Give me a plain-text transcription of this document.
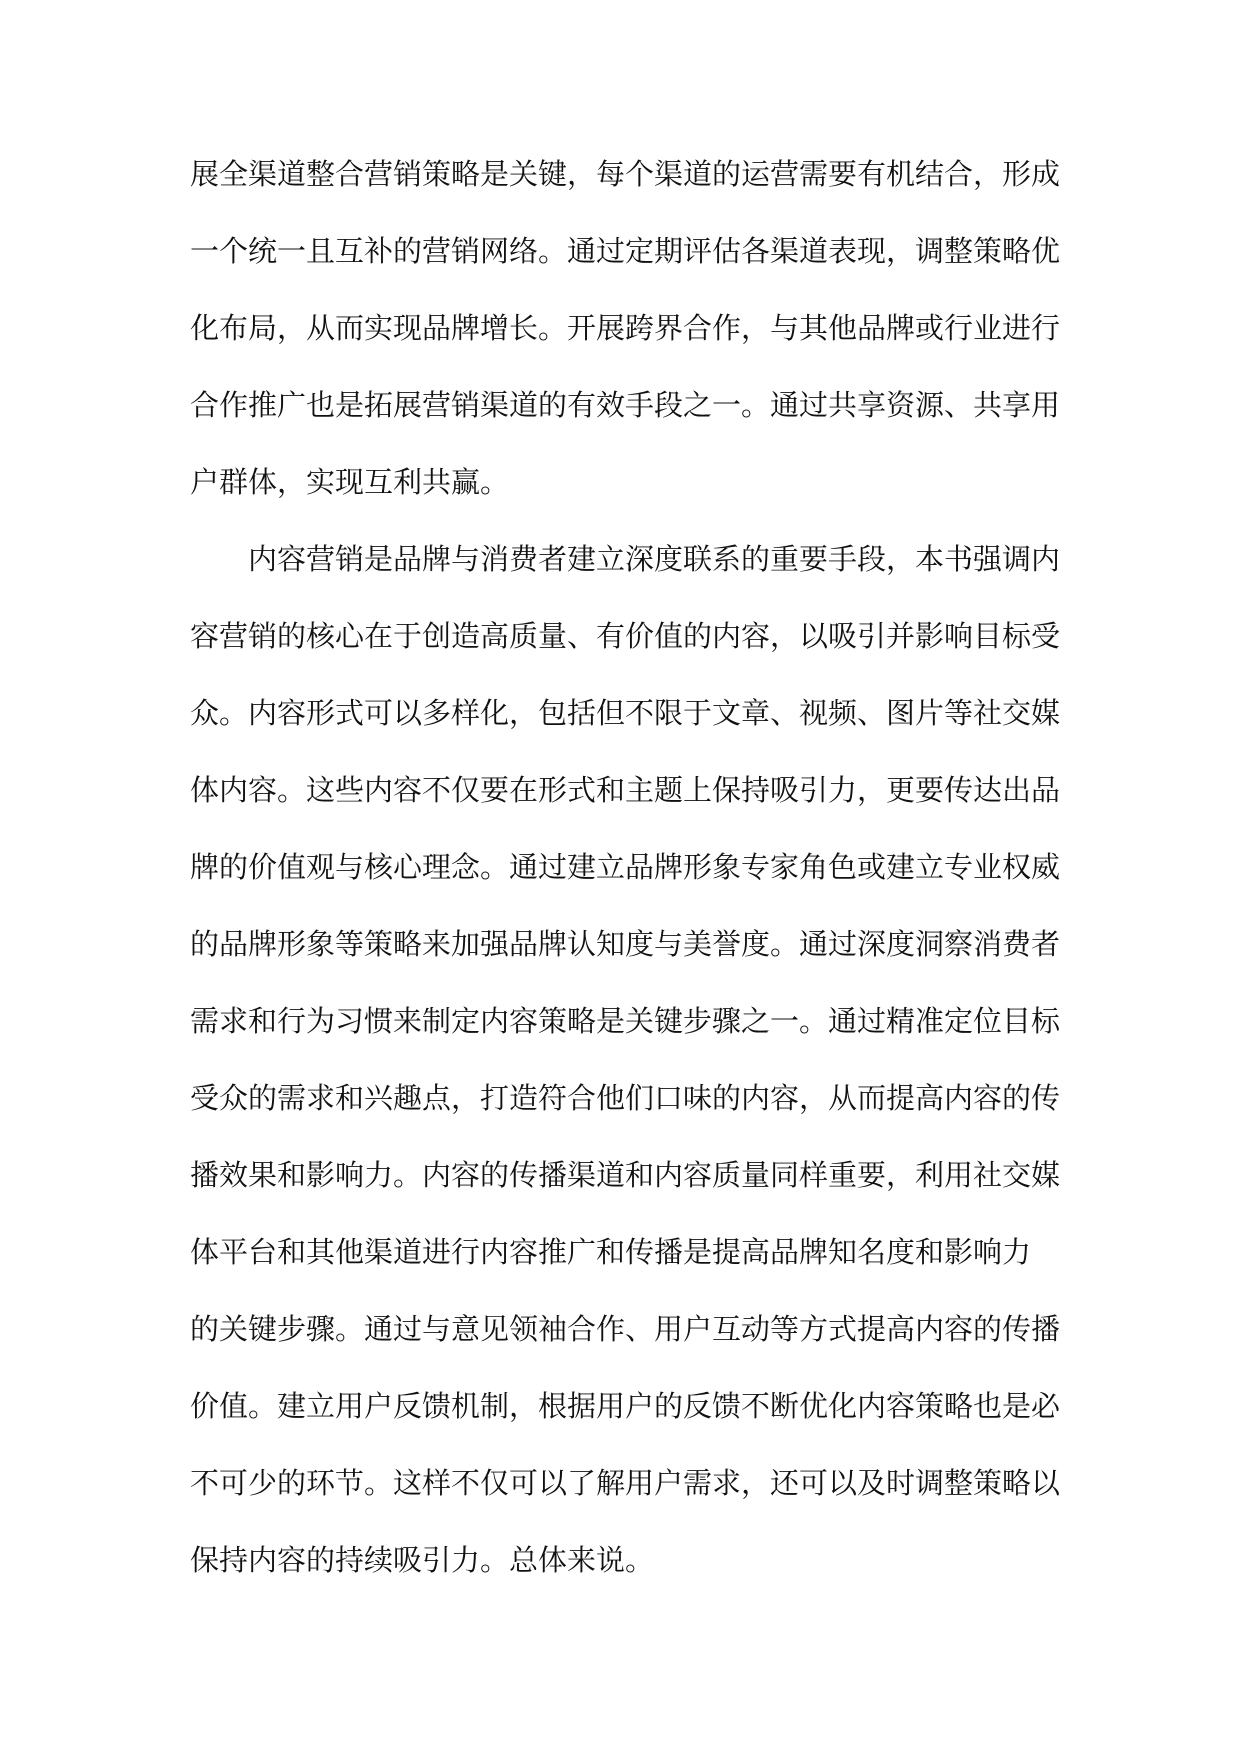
展全渠道整合营销策略是关键，每个渠道的运营需要有机结合，形成
一个统一且互补的营销网络。通过定期评估各渠道表现，调整策略优
化布局，从而实现品牌增长。开展跨界合作，与其他品牌或行业进行
合作推广也是拓展营销渠道的有效手段之一。通过共享资源、共享用
户群体，实现互利共赢。
内容营销是品牌与消费者建立深度联系的重要手段，本书强调内
容营销的核心在于创造高质量、有价值的内容，以吸引并影响目标受
众。内容形式可以多样化，包括但不限于文章、视频、图片等社交媒
体内容。这些内容不仅要在形式和主题上保持吸引力，更要传达出品
牌的价值观与核心理念。通过建立品牌形象专家角色或建立专业权威
的品牌形象等策略来加强品牌认知度与美誉度。通过深度洞察消费者
需求和行为习惯来制定内容策略是关键步骤之一。通过精准定位目标
受众的需求和兴趣点，打造符合他们口味的内容，从而提高内容的传
播效果和影响力。内容的传播渠道和内容质量同样重要，利用社交媒
体平台和其他渠道进行内容推广和传播是提高品牌知名度和影响力
的关键步骤。通过与意见领袖合作、用户互动等方式提高内容的传播
价值。建立用户反馈机制，根据用户的反馈不断优化内容策略也是必
不可少的环节。这样不仅可以了解用户需求，还可以及时调整策略以
保持内容的持续吸引力。总体来说。
